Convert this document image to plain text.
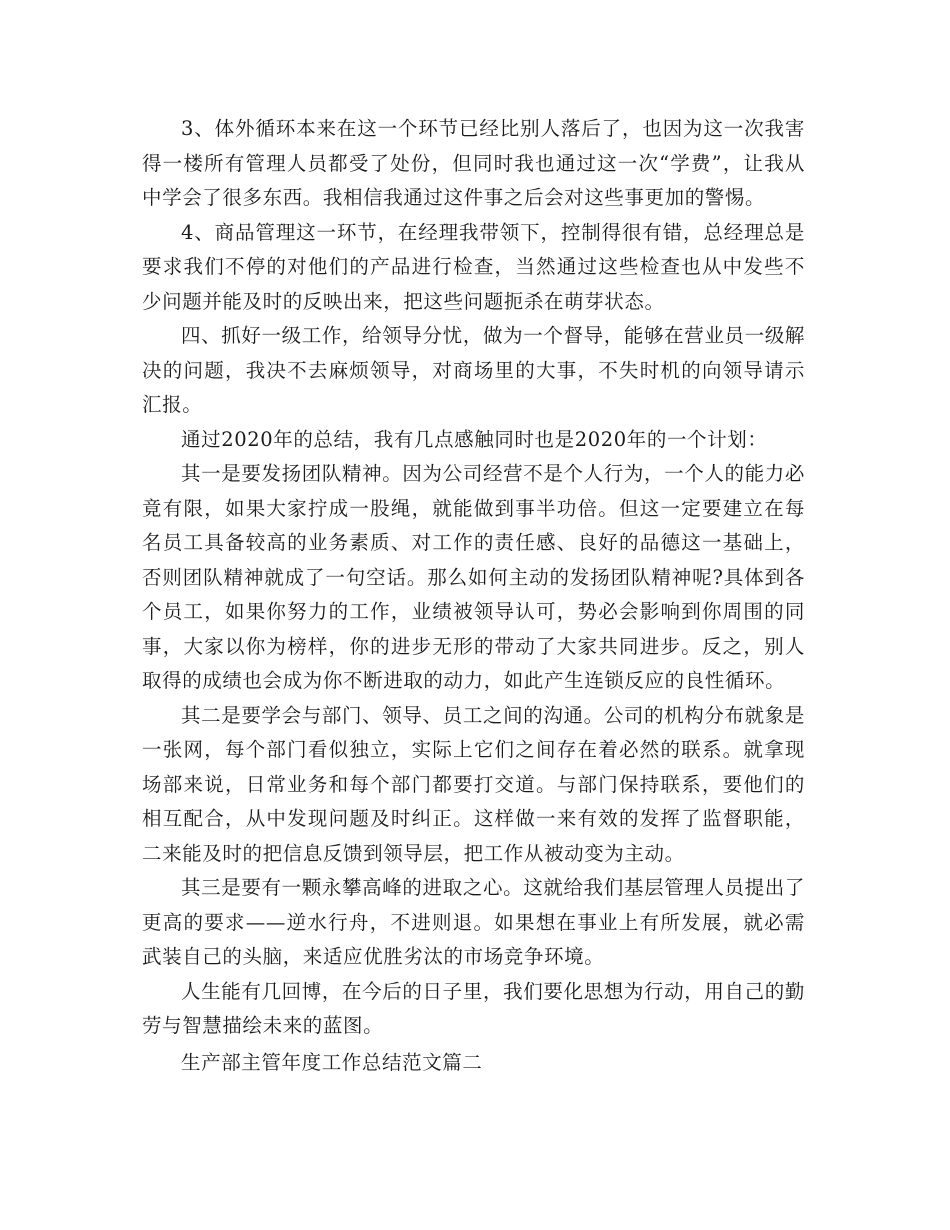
3、体外循环本来在这一个环节已经比别人落后了，也因为这一次我害得一楼所有管理人员都受了处份，但同时我也通过这一次“学费”，让我从中学会了很多东西。我相信我通过这件事之后会对这些事更加的警惕。

4、商品管理这一环节，在经理我带领下，控制得很有错，总经理总是要求我们不停的对他们的产品进行检查，当然通过这些检查也从中发些不少问题并能及时的反映出来，把这些问题扼杀在萌芽状态。

四、抓好一级工作，给领导分忧，做为一个督导，能够在营业员一级解决的问题，我决不去麻烦领导，对商场里的大事，不失时机的向领导请示汇报。

通过2020年的总结，我有几点感触同时也是2020年的一个计划：

其一是要发扬团队精神。因为公司经营不是个人行为，一个人的能力必竟有限，如果大家拧成一股绳，就能做到事半功倍。但这一定要建立在每名员工具备较高的业务素质、对工作的责任感、良好的品德这一基础上，否则团队精神就成了一句空话。那么如何主动的发扬团队精神呢?具体到各个员工，如果你努力的工作，业绩被领导认可，势必会影响到你周围的同事，大家以你为榜样，你的进步无形的带动了大家共同进步。反之，别人取得的成绩也会成为你不断进取的动力，如此产生连锁反应的良性循环。

其二是要学会与部门、领导、员工之间的沟通。公司的机构分布就象是一张网，每个部门看似独立，实际上它们之间存在着必然的联系。就拿现场部来说，日常业务和每个部门都要打交道。与部门保持联系，要他们的相互配合，从中发现问题及时纠正。这样做一来有效的发挥了监督职能，二来能及时的把信息反馈到领导层，把工作从被动变为主动。

其三是要有一颗永攀高峰的进取之心。这就给我们基层管理人员提出了更高的要求——逆水行舟，不进则退。如果想在事业上有所发展，就必需武装自己的头脑，来适应优胜劣汰的市场竞争环境。

人生能有几回博，在今后的日子里，我们要化思想为行动，用自己的勤劳与智慧描绘未来的蓝图。

生产部主管年度工作总结范文篇二
